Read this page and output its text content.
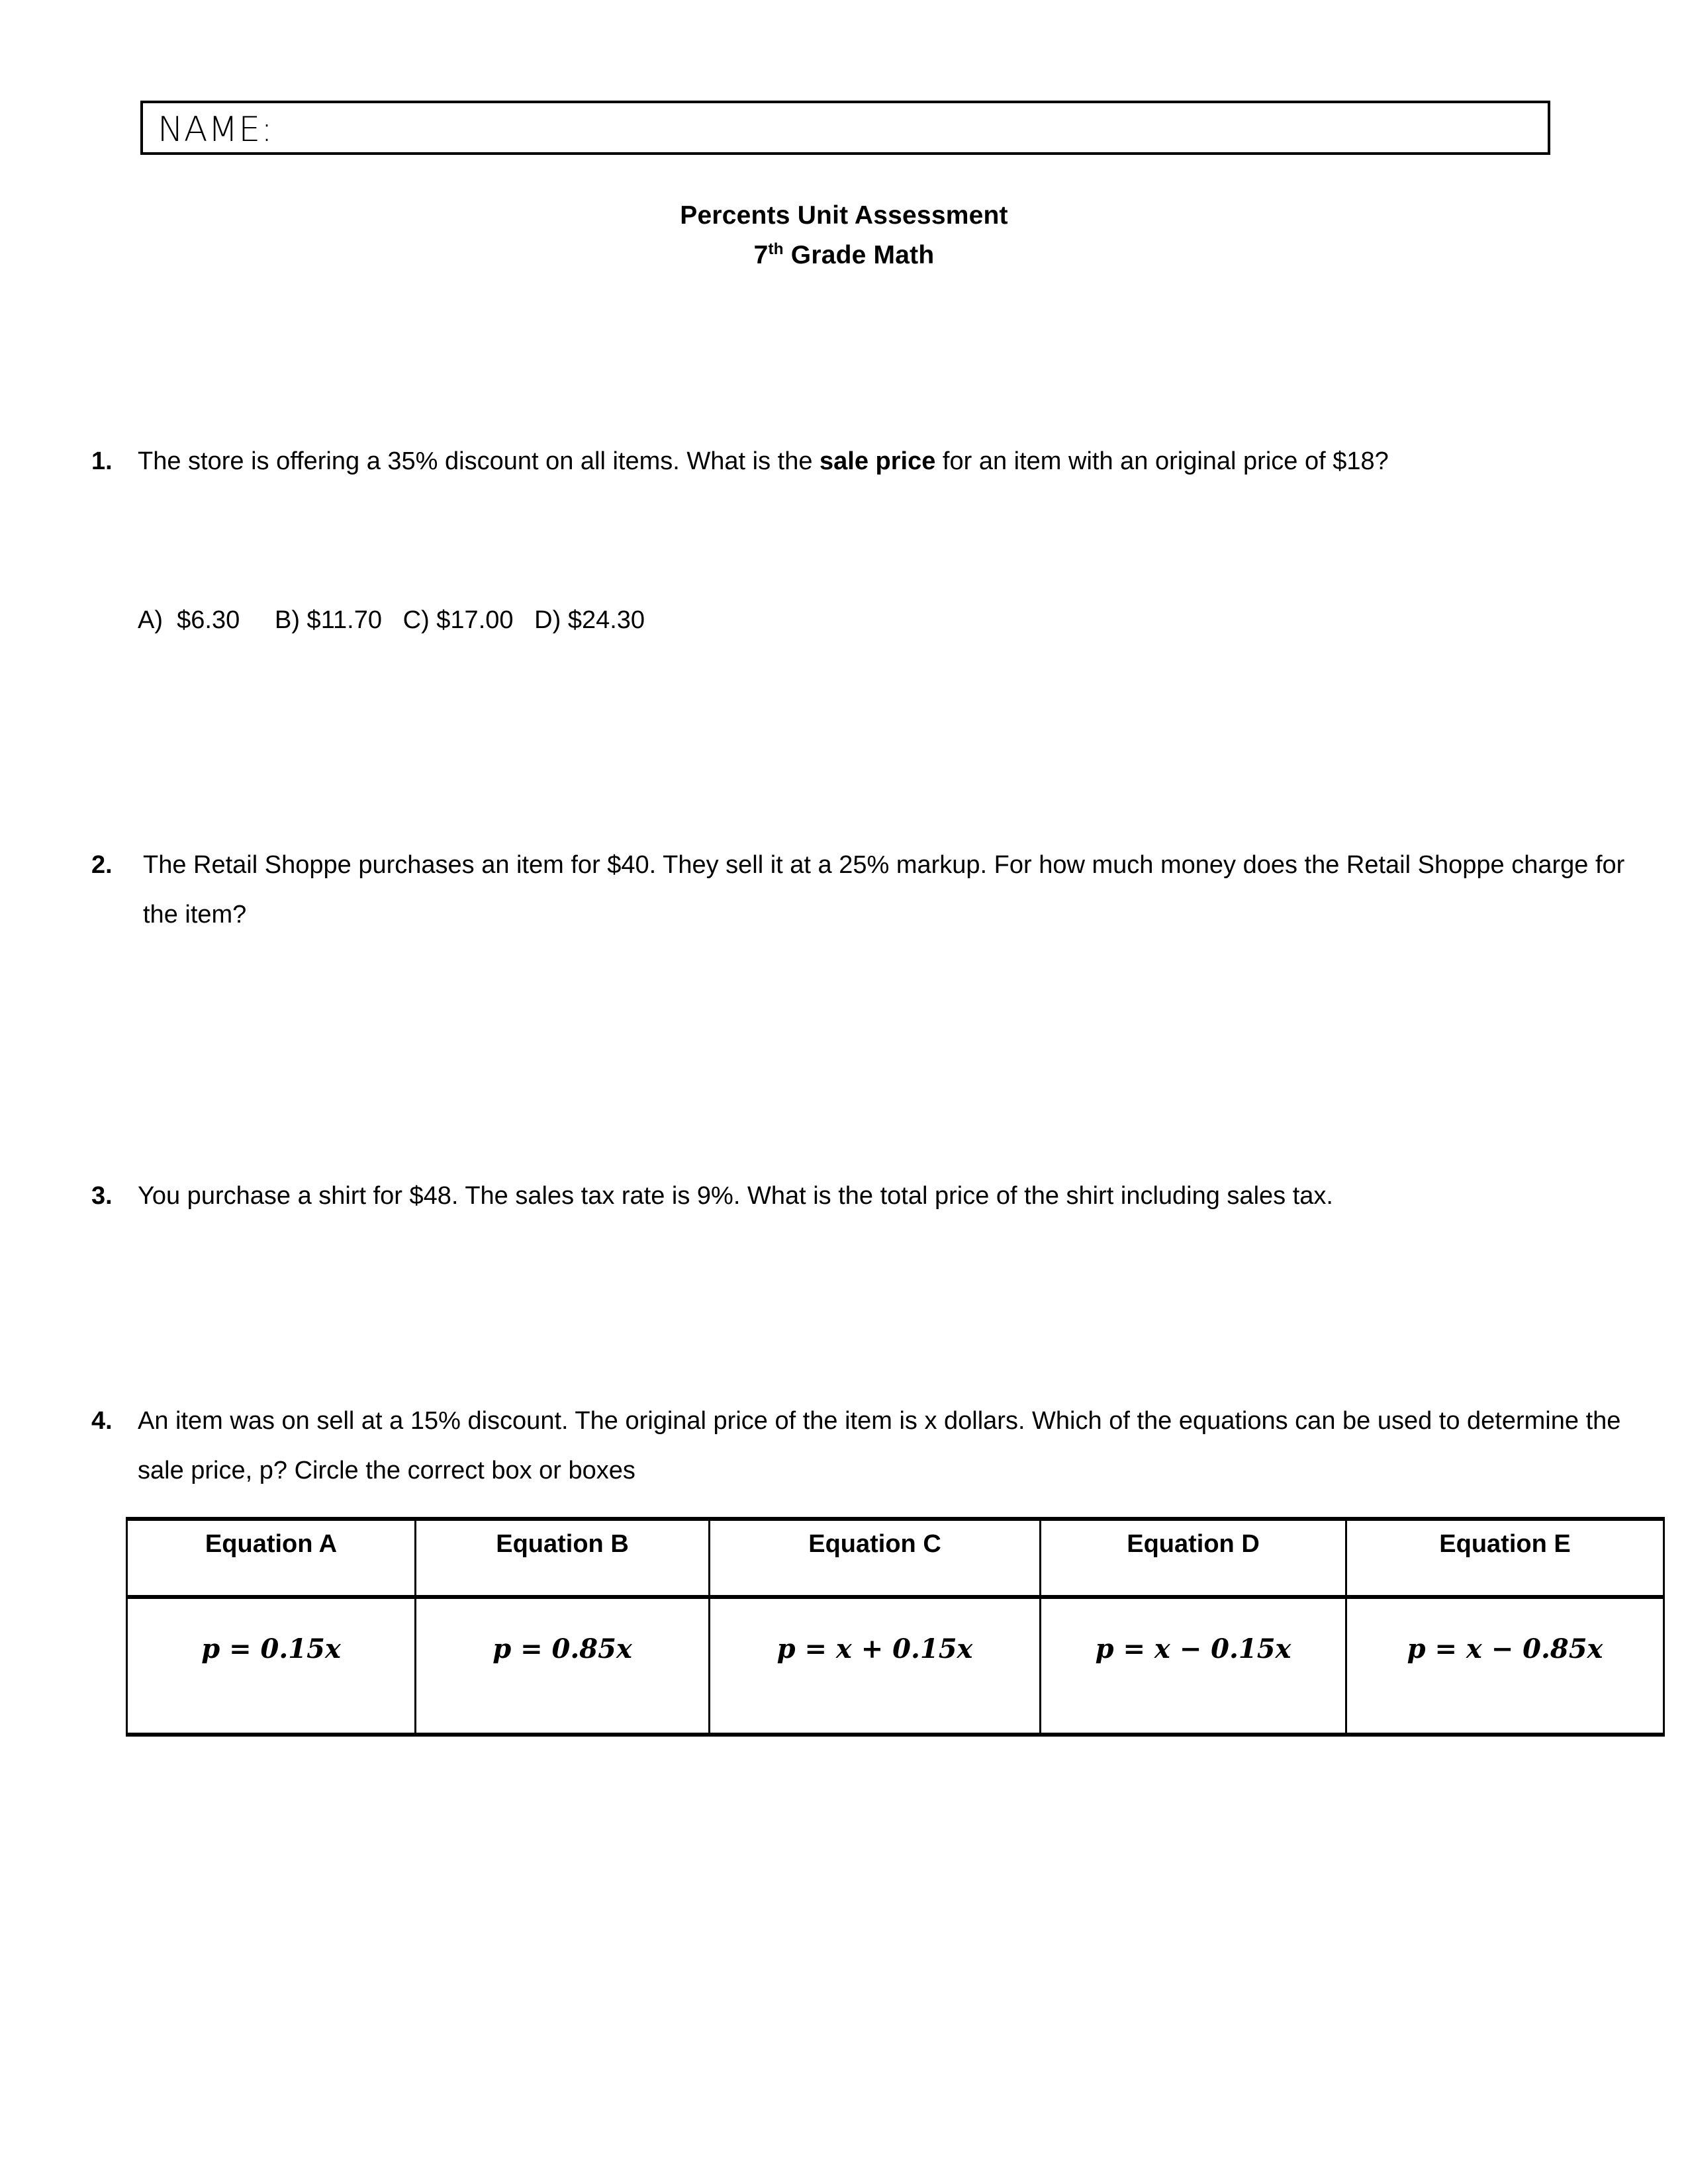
NAME:
Percents Unit Assessment
7th Grade Math
1.	The store is offering a 35% discount on all items. What is the sale price for an item with an original price of $18?
A)  $6.30     B) $11.70   C) $17.00   D) $24.30
2.	The Retail Shoppe purchases an item for $40. They sell it at a 25% markup. For how much money does the Retail Shoppe charge for the item?
3.	You purchase a shirt for $48. The sales tax rate is 9%. What is the total price of the shirt including sales tax.
4.	An item was on sell at a 15% discount. The original price of the item is x dollars. Which of the equations can be used to determine the sale price, p? Circle the correct box or boxes
Equation A	Equation B	Equation C	Equation D	Equation E
p = 0.15x	p = 0.85x	p = x + 0.15x	p = x − 0.15x	p = x − 0.85x
